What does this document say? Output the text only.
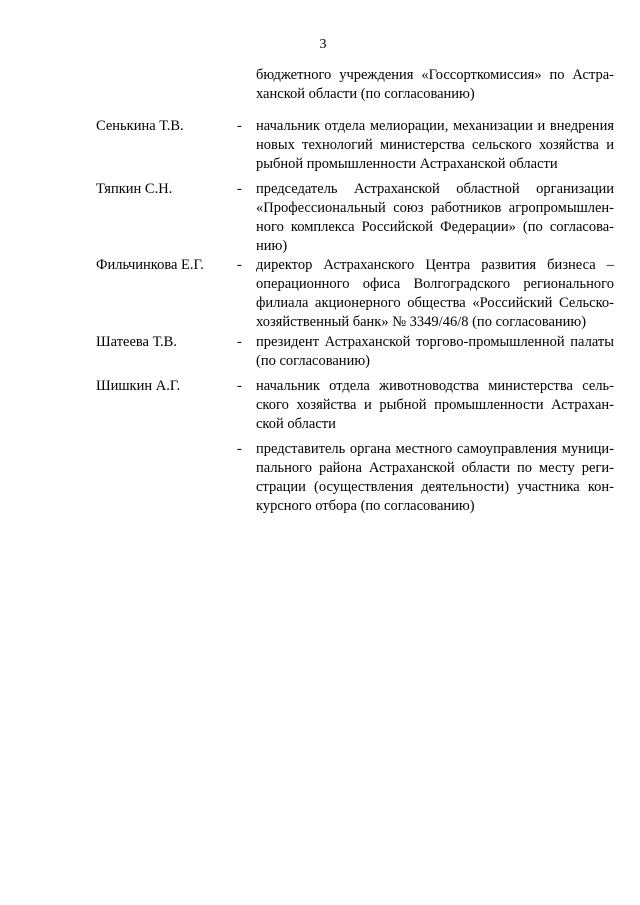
3
бюджетного учреждения «Госсорткомиссия» по Астра-
ханской области (по согласованию)
Сенькина Т.В.	- начальник отдела мелиорации, механизации и внедрения
новых технологий министерства сельского хозяйства и
рыбной промышленности Астраханской области
Тяпкин С.Н.	- председатель Астраханской областной организации
«Профессиональный союз работников агропромышлен-
ного комплекса Российской Федерации» (по согласова-
нию)
Фильчинкова Е.Г. - директор Астраханского Центра развития бизнеса –
операционного офиса Волгоградского регионального
филиала акционерного общества «Российский Сельско-
хозяйственный банк» № 3349/46/8 (по согласованию)
Шатеева Т.В.	- президент Астраханской торгово-промышленной палаты
(по согласованию)
Шишкин А.Г.	- начальник отдела животноводства министерства сель-
ского хозяйства и рыбной промышленности Астрахан-
ской области
- представитель органа местного самоуправления муници-
пального района Астраханской области по месту реги-
страции (осуществления деятельности) участника кон-
курсного отбора (по согласованию)
